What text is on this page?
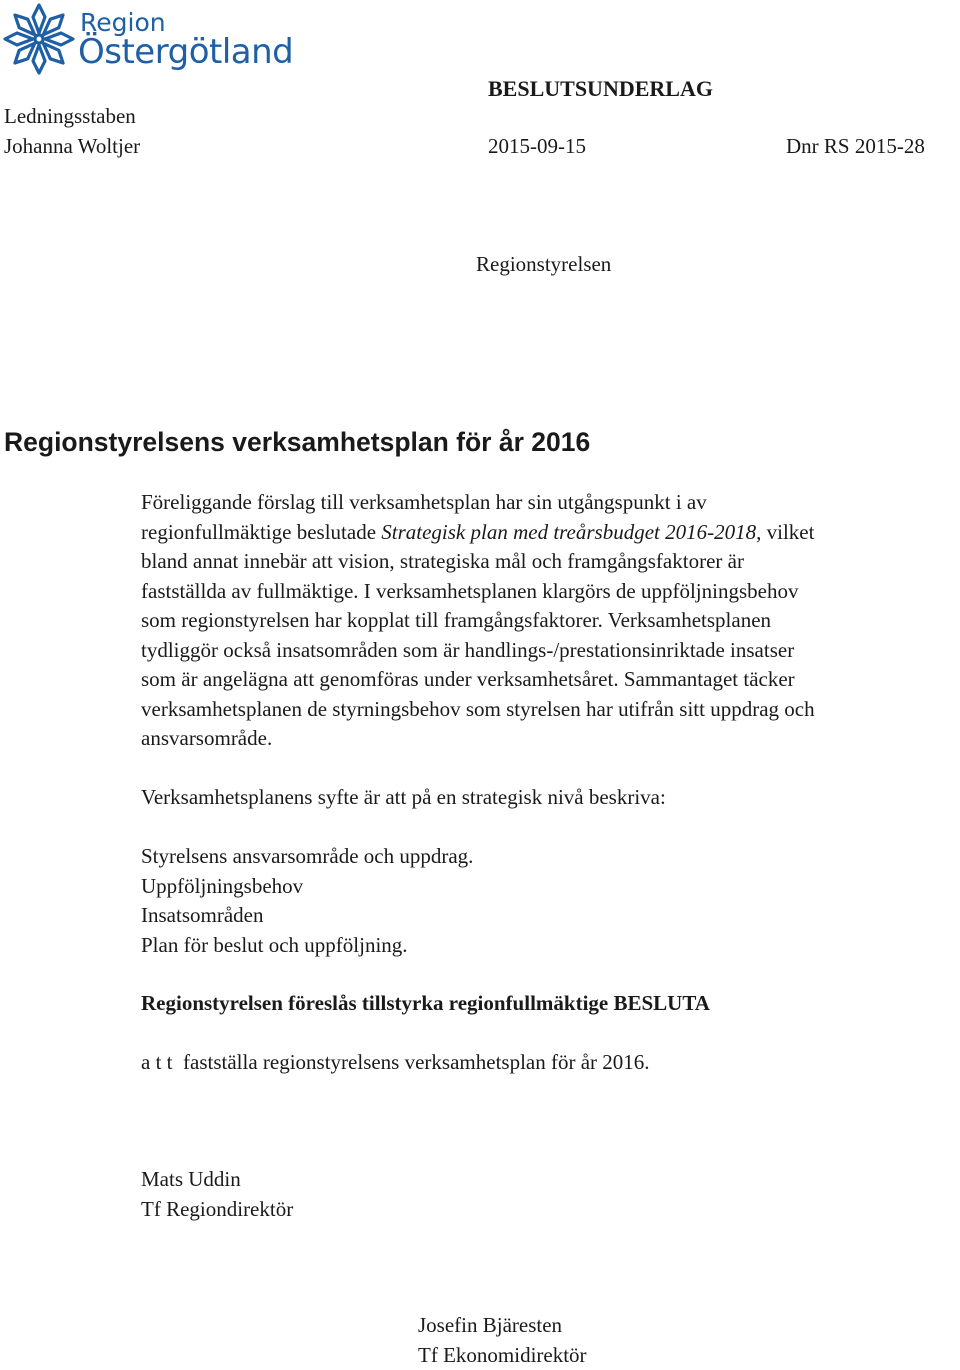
Region
Östergötland
BESLUTSUNDERLAG
Ledningsstaben
Johanna Woltjer	2015-09-15	Dnr RS 2015-28
Regionstyrelsen
Regionstyrelsens verksamhetsplan för år 2016
Föreliggande förslag till verksamhetsplan har sin utgångspunkt i av
regionfullmäktige beslutade Strategisk plan med treårsbudget 2016-2018, vilket
bland annat innebär att vision, strategiska mål och framgångsfaktorer är
fastställda av fullmäktige. I verksamhetsplanen klargörs de uppföljningsbehov
som regionstyrelsen har kopplat till framgångsfaktorer. Verksamhetsplanen
tydliggör också insatsområden som är handlings-/prestationsinriktade insatser
som är angelägna att genomföras under verksamhetsåret. Sammantaget täcker
verksamhetsplanen de styrningsbehov som styrelsen har utifrån sitt uppdrag och
ansvarsområde.
Verksamhetsplanens syfte är att på en strategisk nivå beskriva:
Styrelsens ansvarsområde och uppdrag.
Uppföljningsbehov
Insatsområden
Plan för beslut och uppföljning.
Regionstyrelsen föreslås tillstyrka regionfullmäktige BESLUTA
a t t fastställa regionstyrelsens verksamhetsplan för år 2016.
Mats Uddin
Tf Regiondirektör
Josefin Bjäresten
Tf Ekonomidirektör
